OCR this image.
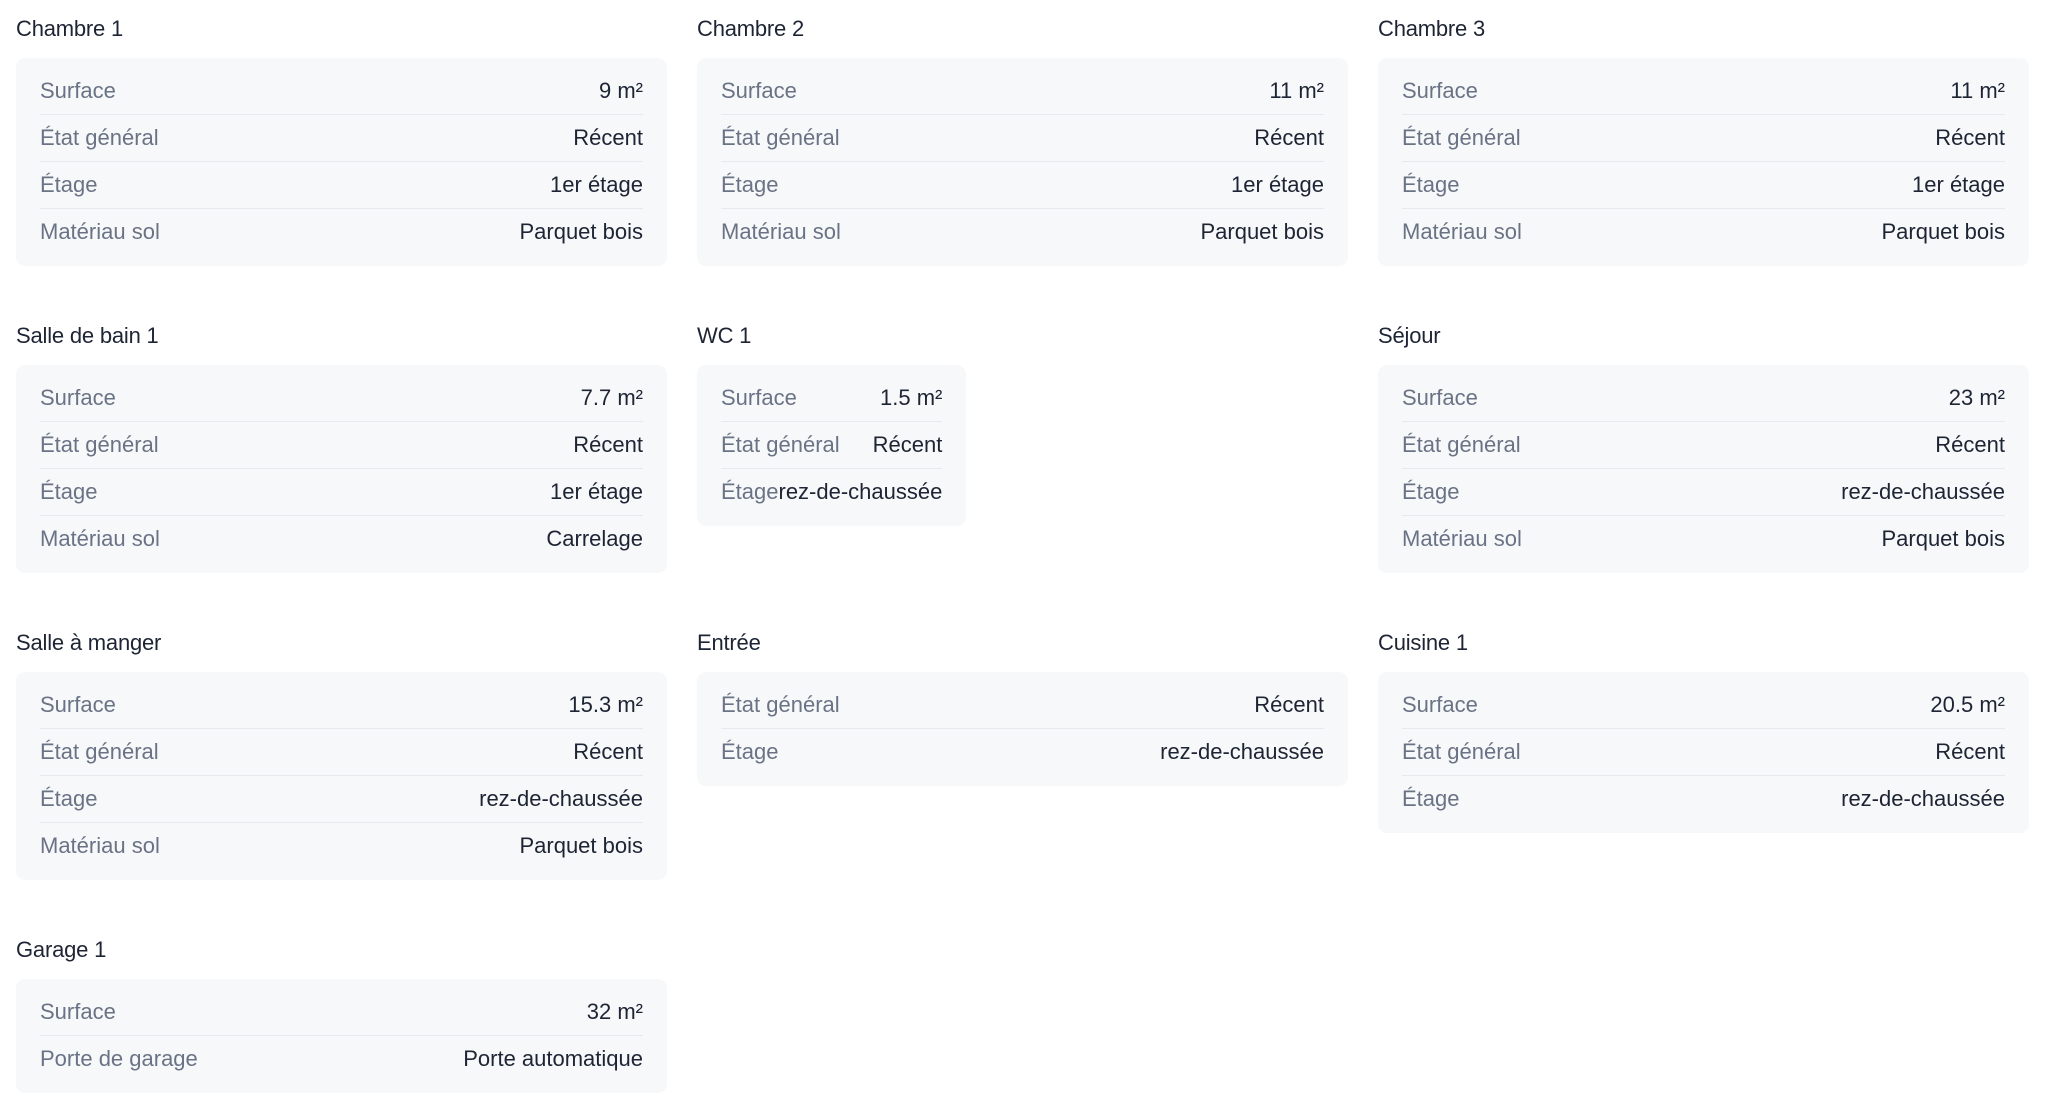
Chambre 1
Surface	9 m²
État général	Récent
Étage	1er étage
Matériau sol	Parquet bois
Chambre 2
Surface	11 m²
État général	Récent
Étage	1er étage
Matériau sol	Parquet bois
Chambre 3
Surface	11 m²
État général	Récent
Étage	1er étage
Matériau sol	Parquet bois
Salle de bain 1
Surface	7.7 m²
État général	Récent
Étage	1er étage
Matériau sol	Carrelage
WC 1
Surface	1.5 m²
État général Récent
Étage rez-de-chaussée
Séjour
Surface	23 m²
État général	Récent
Étage	rez-de-chaussée
Matériau sol	Parquet bois
Salle à manger
Surface	15.3 m²
État général	Récent
Étage	rez-de-chaussée
Matériau sol	Parquet bois
Entrée
État général	Récent
Étage	rez-de-chaussée
Cuisine 1
Surface	20.5 m²
État général	Récent
Étage	rez-de-chaussée
Garage 1
Surface	32 m²
Porte de garage	Porte automatique
